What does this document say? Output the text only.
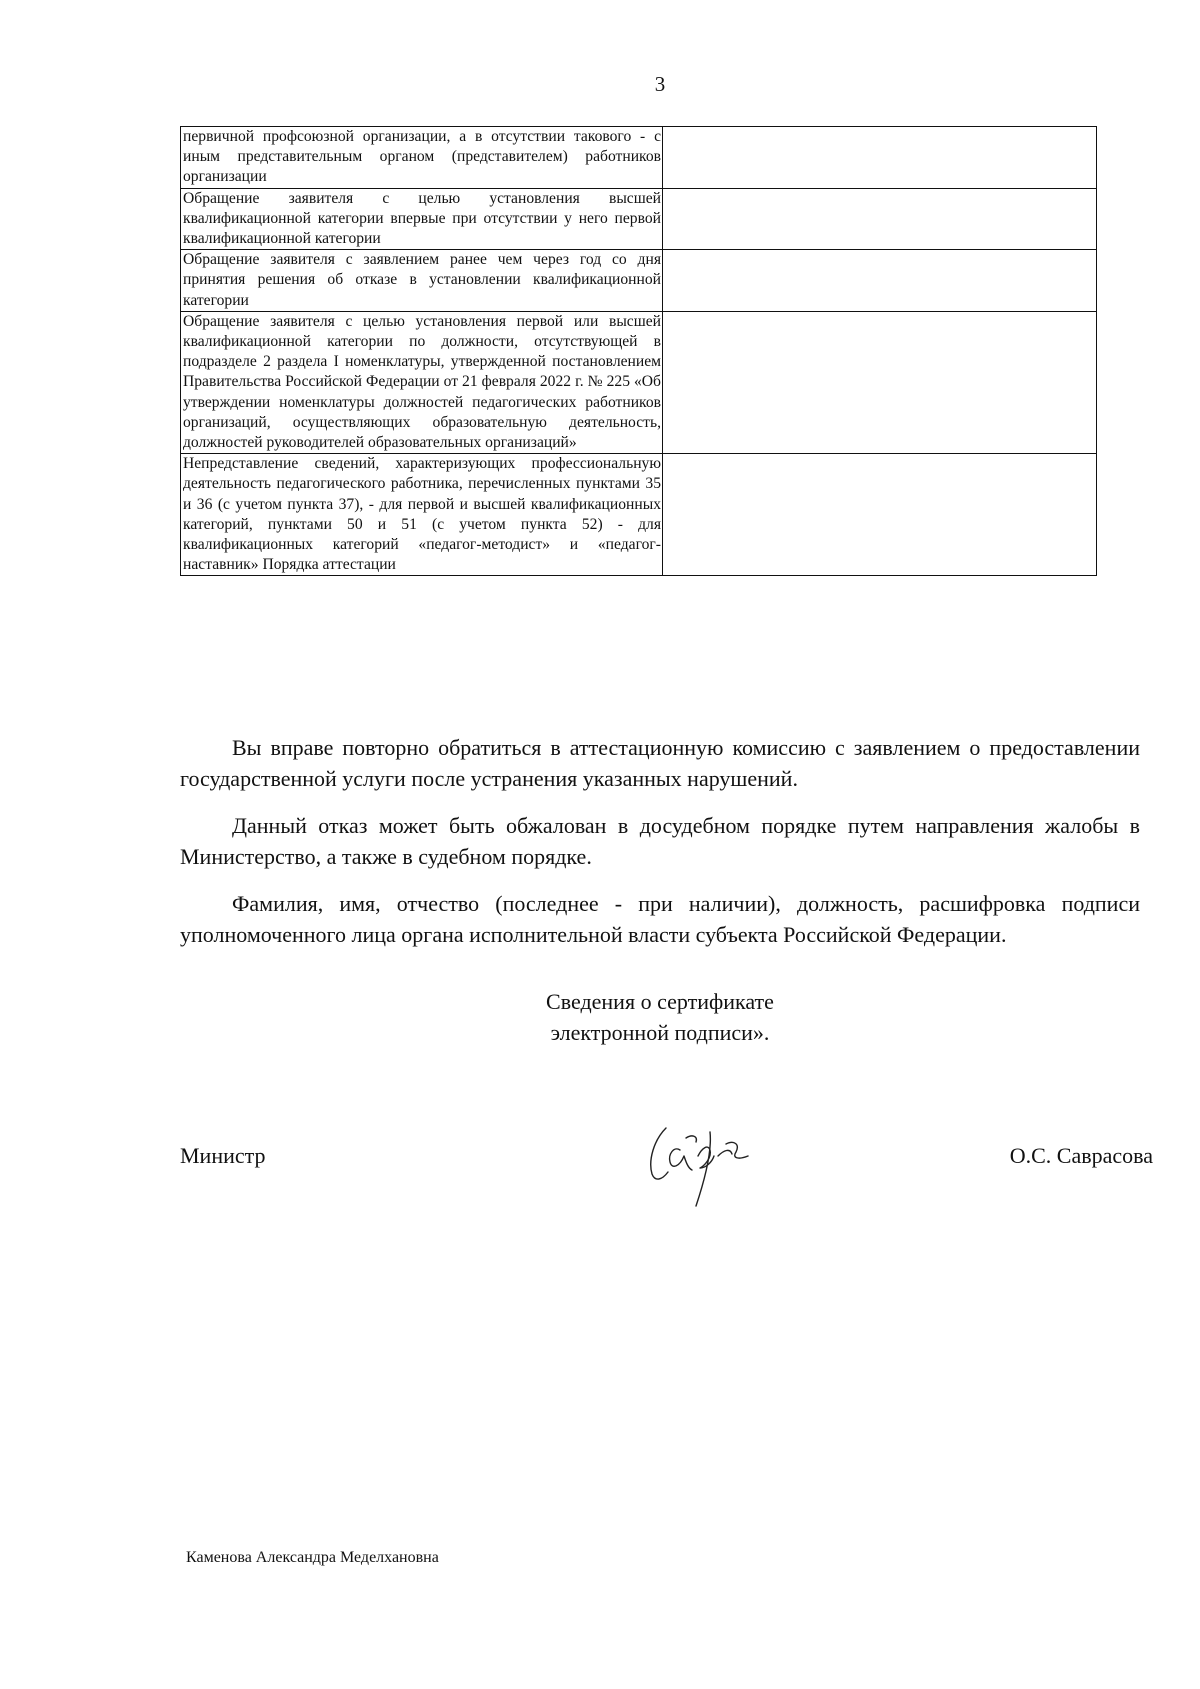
3
первичной профсоюзной организации, а в отсутствии такового - с иным представительным органом (представителем) работников организации	
Обращение заявителя с целью установления высшей квалификационной категории впервые при отсутствии у него первой квалификационной категории	
Обращение заявителя с заявлением ранее чем через год со дня принятия решения об отказе в установлении квалификационной категории	
Обращение заявителя с целью установления первой или высшей квалификационной категории по должности, отсутствующей в подразделе 2 раздела I номенклатуры, утвержденной постановлением Правительства Российской Федерации от 21 февраля 2022 г. № 225 «Об утверждении номенклатуры должностей педагогических работников организаций, осуществляющих образовательную деятельность, должностей руководителей образовательных организаций»	
Непредставление сведений, характеризующих профессиональную деятельность педагогического работника, перечисленных пунктами 35 и 36 (с учетом пункта 37), - для первой и высшей квалификационных категорий, пунктами 50 и 51 (с учетом пункта 52) - для квалификационных категорий «педагог-методист» и «педагог-наставник» Порядка аттестации	

Вы вправе повторно обратиться в аттестационную комиссию с заявлением о предоставлении государственной услуги после устранения указанных нарушений.

Данный отказ может быть обжалован в досудебном порядке путем направления жалобы в Министерство, а также в судебном порядке.

Фамилия, имя, отчество (последнее - при наличии), должность, расшифровка подписи уполномоченного лица органа исполнительной власти субъекта Российской Федерации.

Сведения о сертификате
электронной подписи».
Министр	О.С. Саврасова
Каменова Александра Меделхановна
